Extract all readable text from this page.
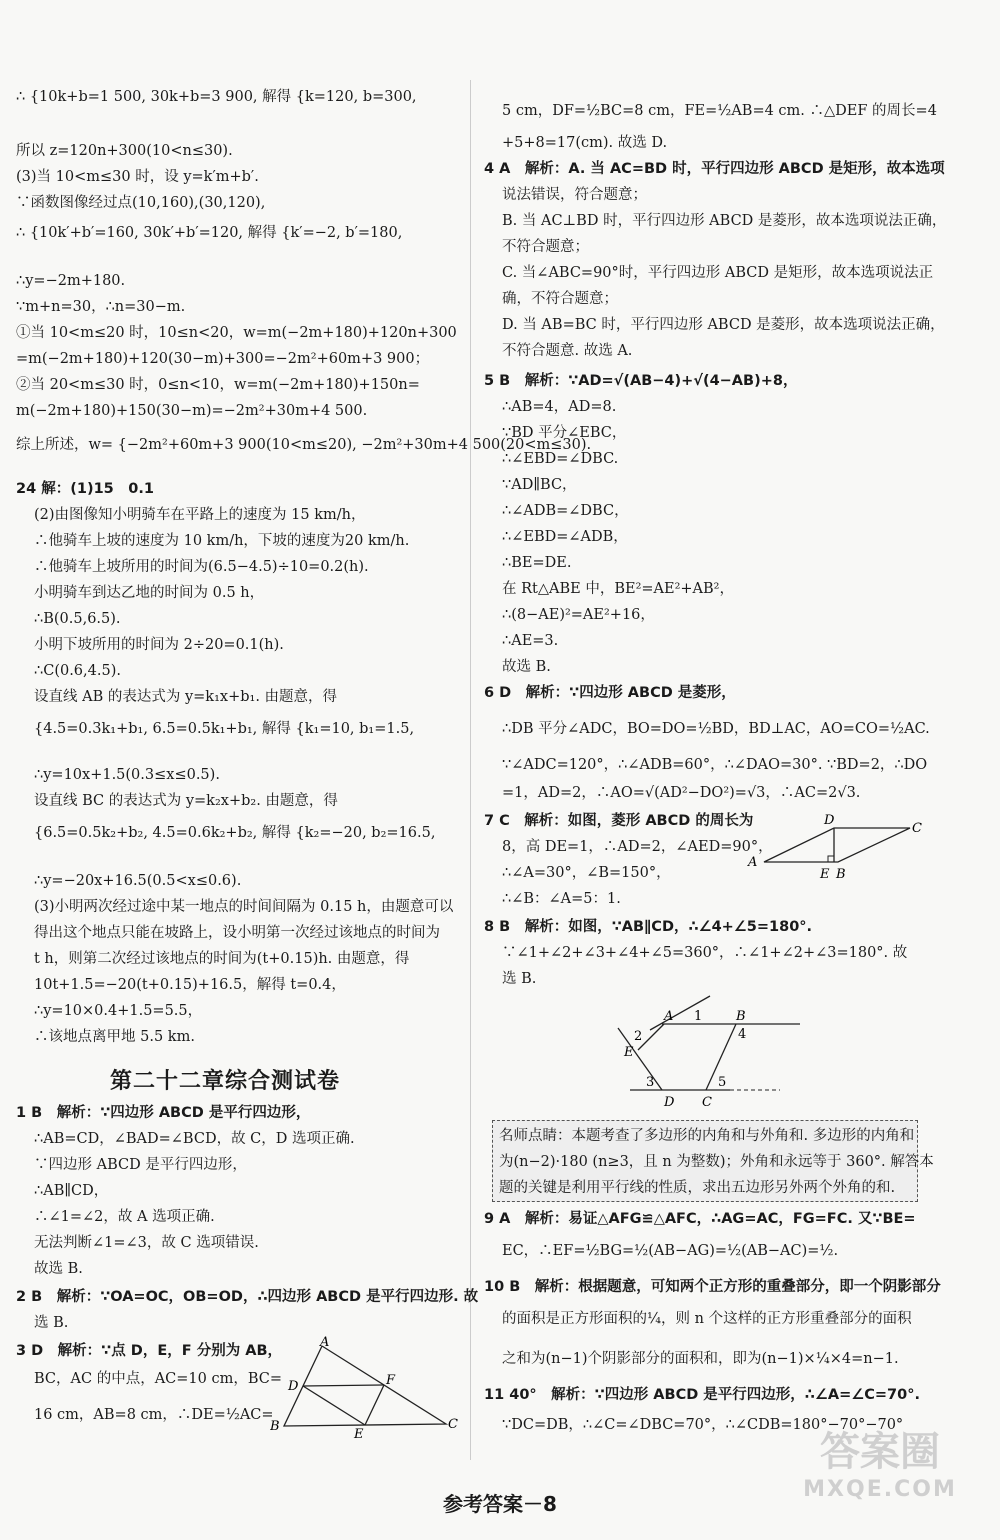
∴ {10k+b=1 500, 30k+b=3 900, 解得 {k=120, b=300,
所以 z=120n+300(10<n≤30).
(3)当 10<m≤30 时，设 y=k′m+b′.
∵函数图像经过点(10,160),(30,120),
∴ {10k′+b′=160, 30k′+b′=120, 解得 {k′=−2, b′=180,
∴y=−2m+180.
∵m+n=30，∴n=30−m.
①当 10<m≤20 时，10≤n<20，w=m(−2m+180)+120n+300
=m(−2m+180)+120(30−m)+300=−2m²+60m+3 900；
②当 20<m≤30 时，0≤n<10，w=m(−2m+180)+150n=
m(−2m+180)+150(30−m)=−2m²+30m+4 500.
综上所述，w= {−2m²+60m+3 900(10<m≤20), −2m²+30m+4 500(20<m≤30).
24 解：(1)15　0.1
(2)由图像知小明骑车在平路上的速度为 15 km/h，
∴他骑车上坡的速度为 10 km/h，下坡的速度为20 km/h.
∴他骑车上坡所用的时间为(6.5−4.5)÷10=0.2(h).
小明骑车到达乙地的时间为 0.5 h，
∴B(0.5,6.5).
小明下坡所用的时间为 2÷20=0.1(h).
∴C(0.6,4.5).
设直线 AB 的表达式为 y=k₁x+b₁. 由题意，得
{4.5=0.3k₁+b₁, 6.5=0.5k₁+b₁, 解得 {k₁=10, b₁=1.5,
∴y=10x+1.5(0.3≤x≤0.5).
设直线 BC 的表达式为 y=k₂x+b₂. 由题意，得
{6.5=0.5k₂+b₂, 4.5=0.6k₂+b₂, 解得 {k₂=−20, b₂=16.5,
∴y=−20x+16.5(0.5<x≤0.6).
(3)小明两次经过途中某一地点的时间间隔为 0.15 h，由题意可以
得出这个地点只能在坡路上，设小明第一次经过该地点的时间为
t h，则第二次经过该地点的时间为(t+0.15)h. 由题意，得
10t+1.5=−20(t+0.15)+16.5，解得 t=0.4，
∴y=10×0.4+1.5=5.5，
∴该地点离甲地 5.5 km.
第二十二章综合测试卷
1 B　解析：∵四边形 ABCD 是平行四边形，
∴AB=CD，∠BAD=∠BCD，故 C，D 选项正确.
∵四边形 ABCD 是平行四边形，
∴AB∥CD，
∴∠1=∠2，故 A 选项正确.
无法判断∠1=∠3，故 C 选项错误.
故选 B.
2 B　解析：∵OA=OC，OB=OD，∴四边形 ABCD 是平行四边形. 故
选 B.
3 D　解析：∵点 D，E，F 分别为 AB，
BC，AC 的中点，AC=10 cm，BC=
16 cm，AB=8 cm，∴DE=½AC=
A
D	F
B	C
E
5 cm，DF=½BC=8 cm，FE=½AB=4 cm. ∴△DEF 的周长=4
+5+8=17(cm). 故选 D.
4 A　解析：A. 当 AC=BD 时，平行四边形 ABCD 是矩形，故本选项
说法错误，符合题意；
B. 当 AC⊥BD 时，平行四边形 ABCD 是菱形，故本选项说法正确，
不符合题意；
C. 当∠ABC=90°时，平行四边形 ABCD 是矩形，故本选项说法正
确，不符合题意；
D. 当 AB=BC 时，平行四边形 ABCD 是菱形，故本选项说法正确，
不符合题意. 故选 A.
5 B　解析：∵AD=√(AB−4)+√(4−AB)+8，
∴AB=4，AD=8.
∵BD 平分∠EBC，
∴∠EBD=∠DBC.
∵AD∥BC，
∴∠ADB=∠DBC，
∴∠EBD=∠ADB，
∴BE=DE.
在 Rt△ABE 中，BE²=AE²+AB²，
∴(8−AE)²=AE²+16，
∴AE=3.
故选 B.
6 D　解析：∵四边形 ABCD 是菱形，
∴DB 平分∠ADC，BO=DO=½BD，BD⊥AC，AO=CO=½AC.
∵∠ADC=120°，∴∠ADB=60°，∴∠DAO=30°. ∵BD=2，∴DO
=1，AD=2，∴AO=√(AD²−DO²)=√3，∴AC=2√3.
7 C　解析：如图，菱形 ABCD 的周长为
8，高 DE=1，∴AD=2，∠AED=90°，
∴∠A=30°，∠B=150°，
∴∠B：∠A=5：1.
8 B　解析：如图，∵AB∥CD，∴∠4+∠5=180°.
∵∠1+∠2+∠3+∠4+∠5=360°，∴∠1+∠2+∠3=180°. 故
选 B.
D
C
A
E B
A 1	B
4
2
E
3	5
D C
名师点睛：本题考查了多边形的内角和与外角和. 多边形的内角和
为(n−2)·180 (n≥3，且 n 为整数)；外角和永远等于 360°. 解答本
题的关键是利用平行线的性质，求出五边形另外两个外角的和.
9 A　解析：易证△AFG≌△AFC，∴AG=AC，FG=FC. 又∵BE=
EC，∴EF=½BG=½(AB−AG)=½(AB−AC)=½.
10 B　解析：根据题意，可知两个正方形的重叠部分，即一个阴影部分
的面积是正方形面积的¼，则 n 个这样的正方形重叠部分的面积
之和为(n−1)个阴影部分的面积和，即为(n−1)×¼×4=n−1.
11 40°　解析：∵四边形 ABCD 是平行四边形，∴∠A=∠C=70°.
∵DC=DB，∴∠C=∠DBC=70°，∴∠CDB=180°−70°−70°
参考答案－8
答案圈
MXQE.COM
